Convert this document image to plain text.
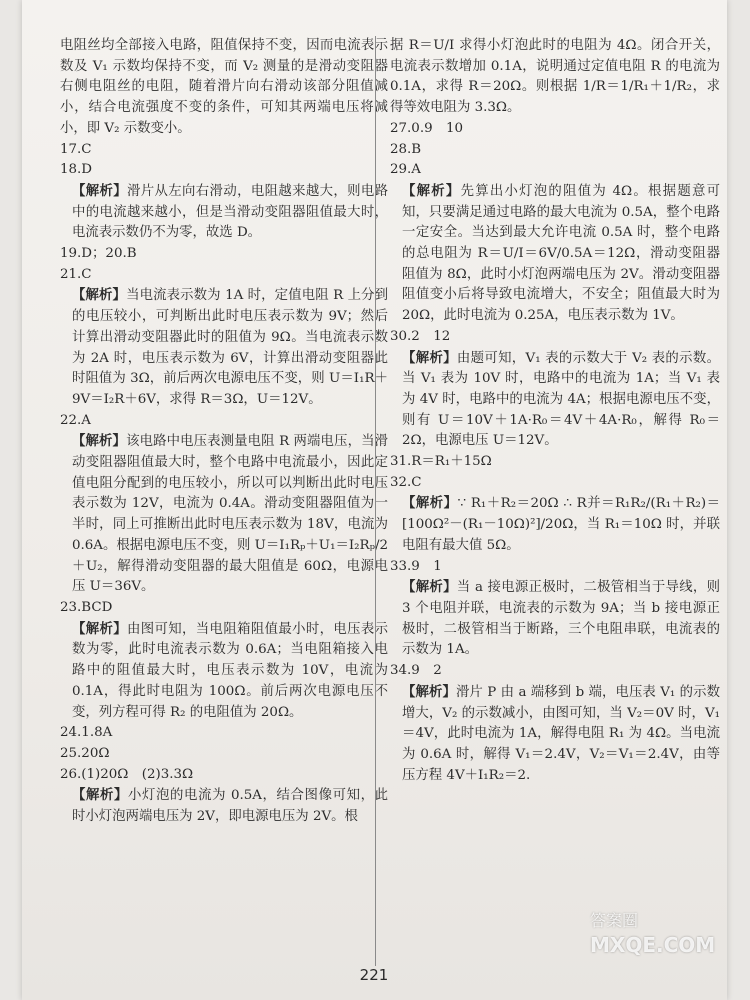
电阻丝均全部接入电路，阻值保持不变，因而电流表示数及 V₁ 示数均保持不变，而 V₂ 测量的是滑动变阻器右侧电阻丝的电阻，随着滑片向右滑动该部分阻值减小，结合电流强度不变的条件，可知其两端电压将减小，即 V₂ 示数变小。

17.C

18.D

【解析】滑片从左向右滑动，电阻越来越大，则电路中的电流越来越小，但是当滑动变阻器阻值最大时，电流表示数仍不为零，故选 D。

19.D；20.B

21.C

【解析】当电流表示数为 1A 时，定值电阻 R 上分到的电压较小，可判断出此时电压表示数为 9V；然后计算出滑动变阻器此时的阻值为 9Ω。当电流表示数为 2A 时，电压表示数为 6V，计算出滑动变阻器此时阻值为 3Ω，前后两次电源电压不变，则 U＝I₁R＋9V＝I₂R＋6V，求得 R＝3Ω，U＝12V。

22.A

【解析】该电路中电压表测量电阻 R 两端电压，当滑动变阻器阻值最大时，整个电路中电流最小，因此定值电阻分配到的电压较小，所以可以判断出此时电压表示数为 12V，电流为 0.4A。滑动变阻器阻值为一半时，同上可推断出此时电压表示数为 18V，电流为 0.6A。根据电源电压不变，则 U＝I₁Rₚ＋U₁＝I₂Rₚ/2＋U₂，解得滑动变阻器的最大阻值是 60Ω，电源电压 U＝36V。

23.BCD

【解析】由图可知，当电阻箱阻值最小时，电压表示数为零，此时电流表示数为 0.6A；当电阻箱接入电路中的阻值最大时，电压表示数为 10V，电流为 0.1A，得此时电阻为 100Ω。前后两次电源电压不变，列方程可得 R₂ 的电阻值为 20Ω。

24.1.8A

25.20Ω

26.(1)20Ω　(2)3.3Ω

【解析】小灯泡的电流为 0.5A，结合图像可知，此时小灯泡两端电压为 2V，即电源电压为 2V。根

据 R＝U/I 求得小灯泡此时的电阻为 4Ω。闭合开关，电流表示数增加 0.1A，说明通过定值电阻 R 的电流为 0.1A，求得 R＝20Ω。则根据 1/R＝1/R₁＋1/R₂，求得等效电阻为 3.3Ω。

27.0.9　10

28.B

29.A

【解析】先算出小灯泡的阻值为 4Ω。根据题意可知，只要满足通过电路的最大电流为 0.5A，整个电路一定安全。当达到最大允许电流 0.5A 时，整个电路的总电阻为 R＝U/I＝6V/0.5A＝12Ω，滑动变阻器阻值为 8Ω，此时小灯泡两端电压为 2V。滑动变阻器阻值变小后将导致电流增大，不安全；阻值最大时为 20Ω，此时电流为 0.25A，电压表示数为 1V。

30.2　12

【解析】由题可知，V₁ 表的示数大于 V₂ 表的示数。当 V₁ 表为 10V 时，电路中的电流为 1A；当 V₁ 表为 4V 时，电路中的电流为 4A；根据电源电压不变，则有 U＝10V＋1A·R₀＝4V＋4A·R₀，解得 R₀＝2Ω，电源电压 U＝12V。

31.R＝R₁＋15Ω

32.C

【解析】∵ R₁＋R₂＝20Ω ∴ R并＝R₁R₂/(R₁＋R₂)＝[100Ω²－(R₁－10Ω)²]/20Ω，当 R₁＝10Ω 时，并联电阻有最大值 5Ω。

33.9　1

【解析】当 a 接电源正极时，二极管相当于导线，则 3 个电阻并联，电流表的示数为 9A；当 b 接电源正极时，二极管相当于断路，三个电阻串联，电流表的示数为 1A。

34.9　2

【解析】滑片 P 由 a 端移到 b 端，电压表 V₁ 的示数增大，V₂ 的示数减小，由图可知，当 V₂＝0V 时，V₁＝4V，此时电流为 1A，解得电阻 R₁ 为 4Ω。当电流为 0.6A 时，解得 V₁＝2.4V，V₂＝V₁＝2.4V，由等压方程 4V＋I₁R₂＝2.

221
答案圈
MXQE.COM
